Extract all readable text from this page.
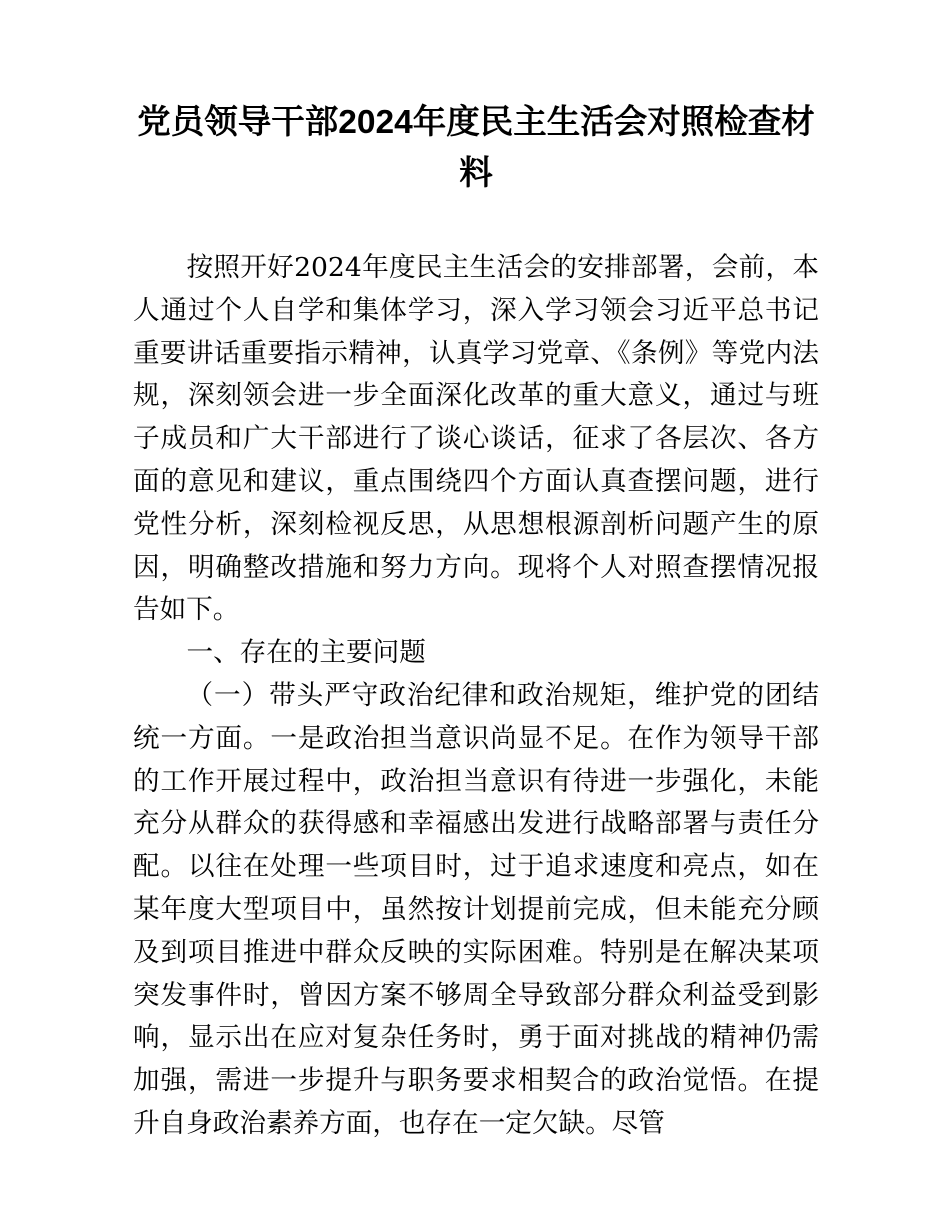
党员领导干部2024年度民主生活会对照检查材料

按照开好2024年度民主生活会的安排部署，会前，本人通过个人自学和集体学习，深入学习领会习近平总书记重要讲话重要指示精神，认真学习党章、《条例》等党内法规，深刻领会进一步全面深化改革的重大意义，通过与班子成员和广大干部进行了谈心谈话，征求了各层次、各方面的意见和建议，重点围绕四个方面认真查摆问题，进行党性分析，深刻检视反思，从思想根源剖析问题产生的原因，明确整改措施和努力方向。现将个人对照查摆情况报告如下。

一、存在的主要问题

（一）带头严守政治纪律和政治规矩，维护党的团结统一方面。一是政治担当意识尚显不足。在作为领导干部的工作开展过程中，政治担当意识有待进一步强化，未能充分从群众的获得感和幸福感出发进行战略部署与责任分配。以往在处理一些项目时，过于追求速度和亮点，如在某年度大型项目中，虽然按计划提前完成，但未能充分顾及到项目推进中群众反映的实际困难。特别是在解决某项突发事件时，曾因方案不够周全导致部分群众利益受到影响，显示出在应对复杂任务时，勇于面对挑战的精神仍需加强，需进一步提升与职务要求相契合的政治觉悟。在提升自身政治素养方面，也存在一定欠缺。尽管
